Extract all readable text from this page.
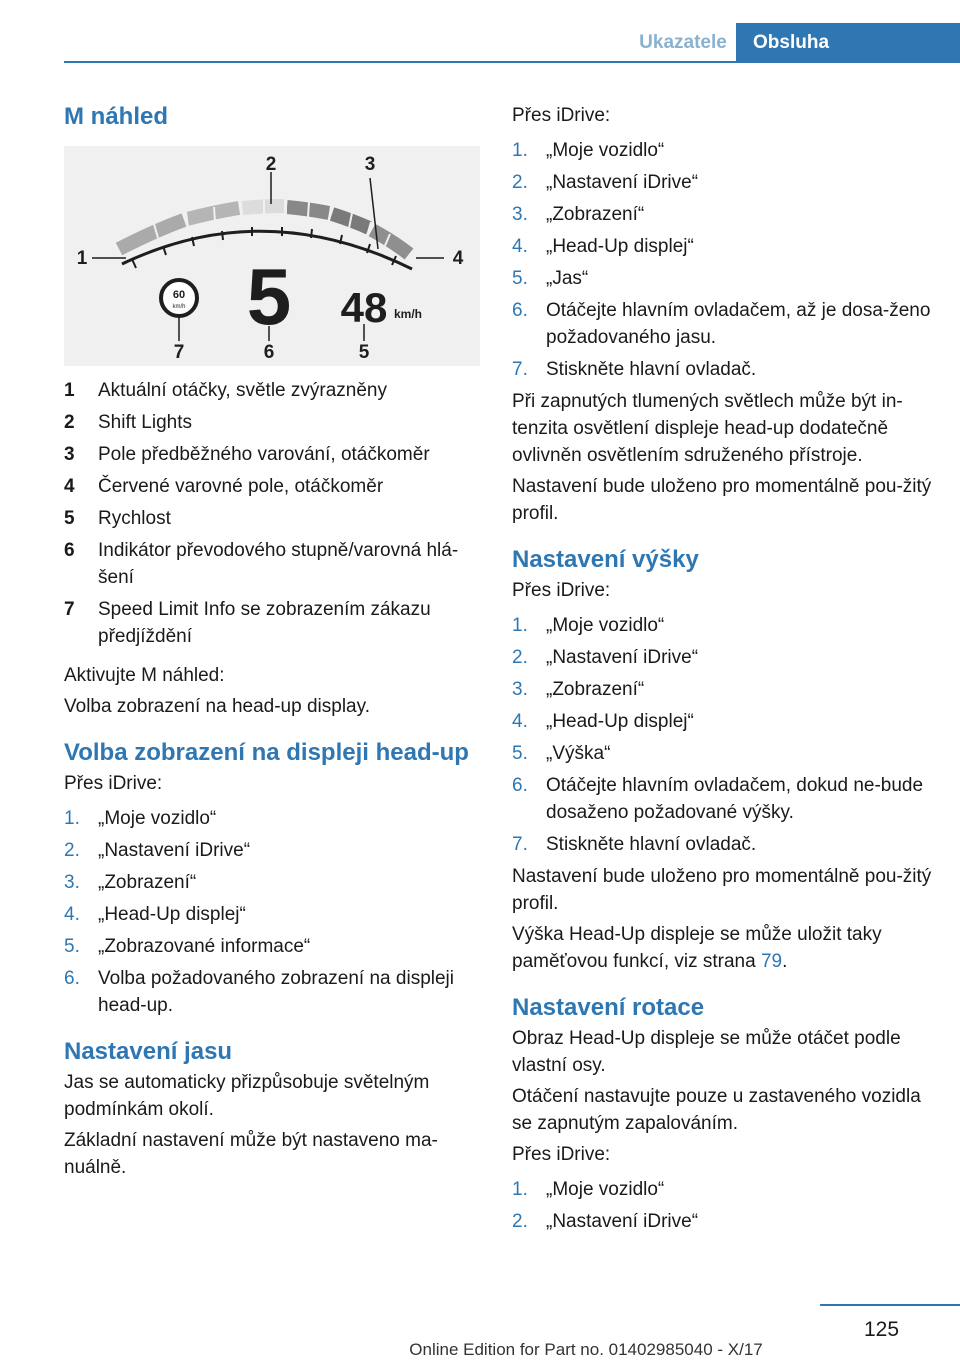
Ukazatele	Obsluha
M náhled
60
km/h 5 48 km/h
1
2	3
4
5
6
7
1	Aktuální otáčky, světle zvýrazněny
2	Shift Lights
3	Pole předběžného varování, otáčkoměr
4	Červené varovné pole, otáčkoměr
5	Rychlost
6	Indikátor převodového stupně/varovná hlá‐šení
7	Speed Limit Info se zobrazením zákazu předjíždění

Aktivujte M náhled:

Volba zobrazení na head-up display.

Volba zobrazení na displeji head-up

Přes iDrive:

1. „Moje vozidlo“
2. „Nastavení iDrive“
3. „Zobrazení“
4. „Head-Up displej“
5. „Zobrazované informace“
6. Volba požadovaného zobrazení na displeji head-up.
Nastavení jasu

Jas se automaticky přizpůsobuje světelným podmínkám okolí.

Základní nastavení může být nastaveno ma‐nuálně.

Přes iDrive:

1. „Moje vozidlo“
2. „Nastavení iDrive“
3. „Zobrazení“
4. „Head-Up displej“
5. „Jas“
6. Otáčejte hlavním ovladačem, až je dosa‐ženo požadovaného jasu.
7. Stiskněte hlavní ovladač.

Při zapnutých tlumených světlech může být in‐tenzita osvětlení displeje head-up dodatečně ovlivněn osvětlením sdruženého přístroje.

Nastavení bude uloženo pro momentálně pou‐žitý profil.

Nastavení výšky

Přes iDrive:

1. „Moje vozidlo“
2. „Nastavení iDrive“
3. „Zobrazení“
4. „Head-Up displej“
5. „Výška“
6. Otáčejte hlavním ovladačem, dokud ne‐bude dosaženo požadované výšky.
7. Stiskněte hlavní ovladač.

Nastavení bude uloženo pro momentálně pou‐žitý profil.

Výška Head-Up displeje se může uložit taky paměťovou funkcí, viz strana 79.

Nastavení rotace

Obraz Head-Up displeje se může otáčet podle vlastní osy.

Otáčení nastavujte pouze u zastaveného vozidla se zapnutým zapalováním.

Přes iDrive:

1. „Moje vozidlo“
2. „Nastavení iDrive“
125
Online Edition for Part no. 01402985040 - X/17
